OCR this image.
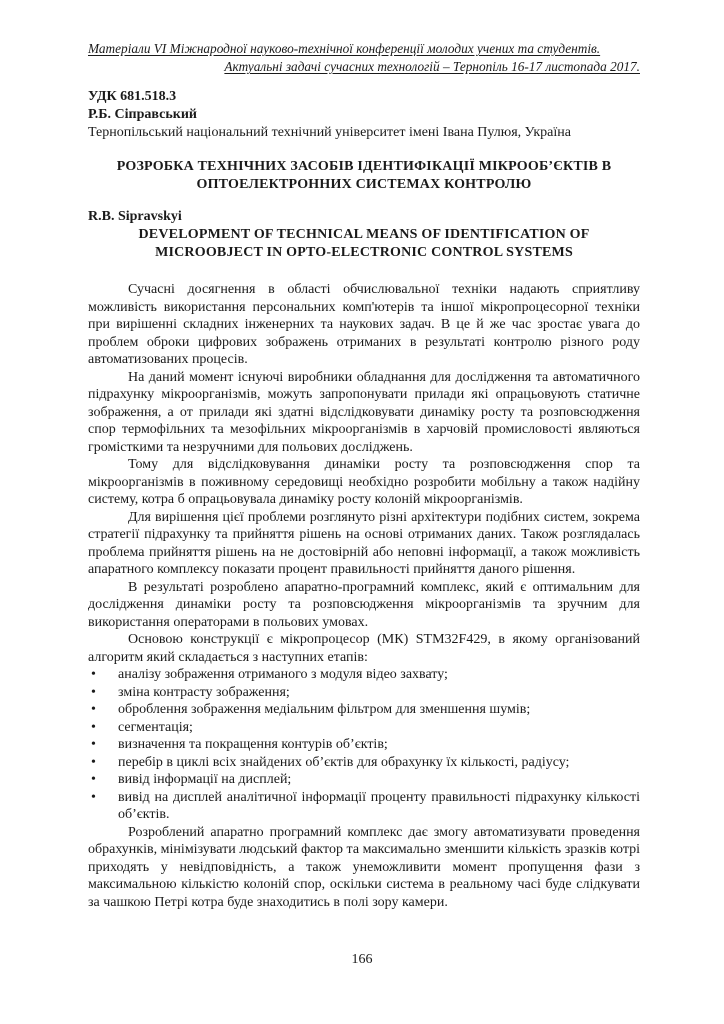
Матеріали VI Міжнародної науково-технічної конференції молодих учених та студентів.
Актуальні задачі сучасних технологій – Тернопіль 16-17 листопада 2017.
УДК 681.518.3
Р.Б. Сіправський
Тернопільський національний технічний університет імені Івана Пулюя, Україна
РОЗРОБКА ТЕХНІЧНИХ ЗАСОБІВ ІДЕНТИФІКАЦІЇ МІКРООБ’ЄКТІВ В
ОПТОЕЛЕКТРОННИХ СИСТЕМАХ КОНТРОЛЮ
R.B. Sipravskyi
DEVELOPMENT OF TECHNICAL MEANS OF IDENTIFICATION OF
MICROOBJECT IN OPTO-ELECTRONIC CONTROL SYSTEMS

Сучасні досягнення в області обчислювальної техніки надають сприятливу можливість використання персональних комп'ютерів та іншої мікропроцесорної техніки при вирішенні складних інженерних та наукових задач. В це й же час зростає увага до проблем оброки цифрових зображень отриманих в результаті контролю різного роду автоматизованих процесів.

На даний момент існуючі виробники обладнання для дослідження та автоматичного підрахунку мікроорганізмів, можуть запропонувати прилади які опрацьовують статичне зображення, а от прилади які здатні відслідковувати динаміку росту та розповсюдження спор термофільних та мезофільних мікроорганізмів в харчовій промисловості являються громісткими та незручними для польових досліджень.

Тому для відслідковування динаміки росту та розповсюдження спор та мікроорганізмів в поживному середовищі необхідно розробити мобільну а також надійну систему, котра б опрацьовувала динаміку росту колоній мікроорганізмів.

Для вирішення цієї проблеми розглянуто різні архітектури подібних систем, зокрема стратегії підрахунку та прийняття рішень на основі отриманих даних. Також розглядалась проблема прийняття рішень на не достовірній або неповні інформації, а також можливість апаратного комплексу показати процент правильності прийняття даного рішення.

В результаті розроблено апаратно-програмний комплекс, який є оптимальним для дослідження динаміки росту та розповсюдження мікроорганізмів та зручним для використання операторами в польових умовах.

Основою конструкції є мікропроцесор (МК) STM32F429, в якому організований алгоритм який складається з наступних етапів:

• аналізу зображення отриманого з модуля відео захвату;
• зміна контрасту зображення;
• оброблення зображення медіальним фільтром для зменшення шумів;
• сегментація;
• визначення та покращення контурів об’єктів;
• перебір в циклі всіх знайдених об’єктів для обрахунку їх кількості, радіусу;
• вивід інформації на дисплей;
• вивід на дисплей аналітичної інформації проценту правильності підрахунку кількості об’єктів.

Розроблений апаратно програмний комплекс дає змогу автоматизувати проведення обрахунків, мінімізувати людський фактор та максимально зменшити кількість зразків котрі приходять у невідповідність, а також унеможливити момент пропущення фази з максимальною кількістю колоній спор, оскільки система в реальному часі буде слідкувати за чашкою Петрі котра буде знаходитись в полі зору камери.

166
